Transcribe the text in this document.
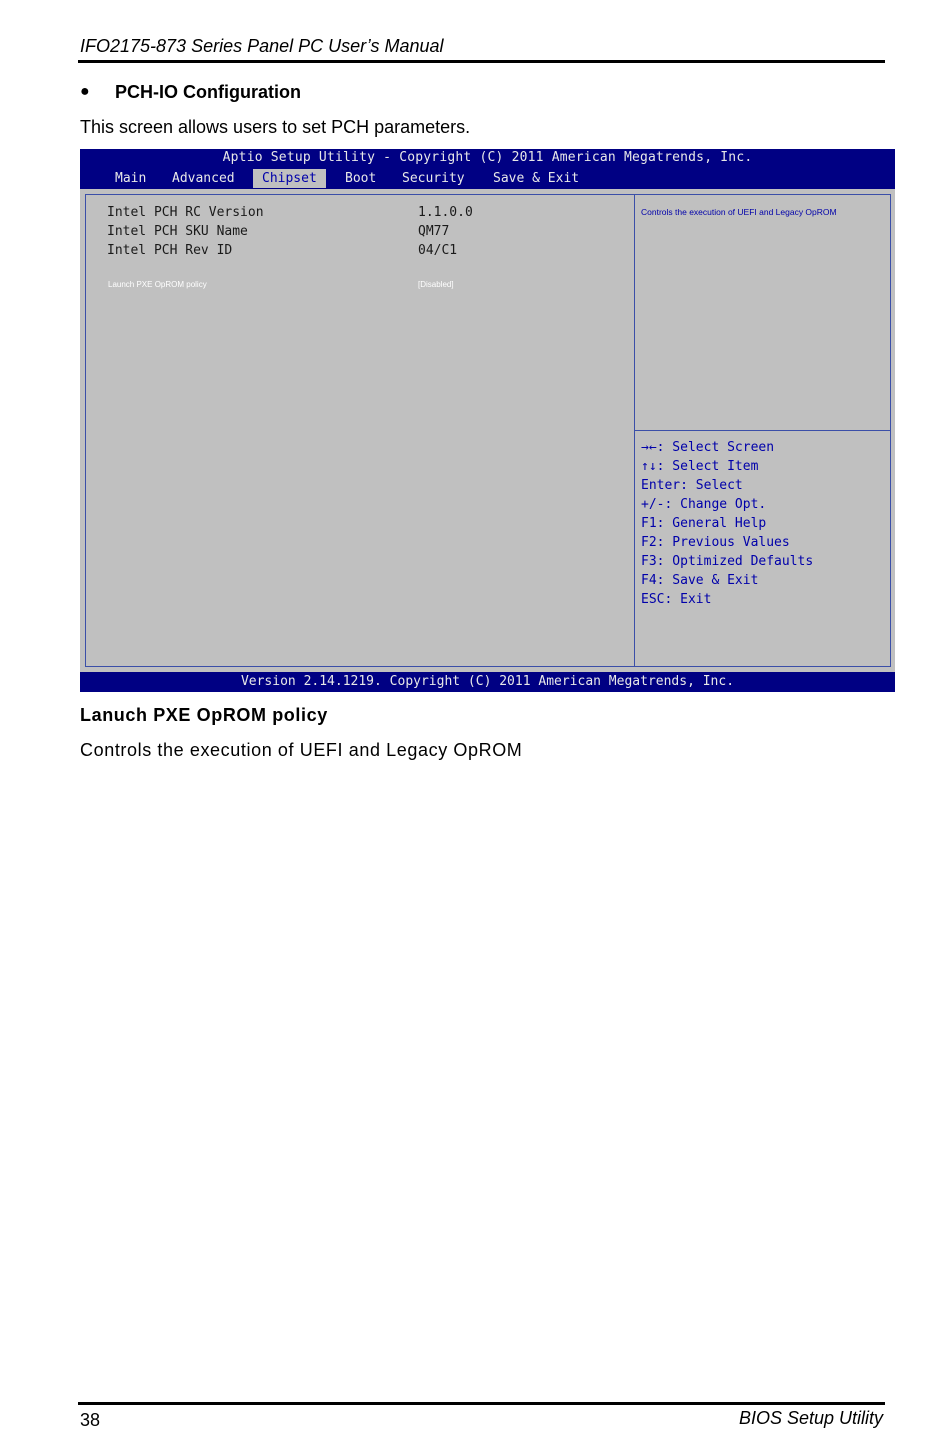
IFO2175-873 Series Panel PC User’s Manual
● PCH-IO Configuration
This screen allows users to set PCH parameters.
Aptio Setup Utility - Copyright (C) 2011 American Megatrends, Inc.
Main	Advanced	Chipset	Boot	Security	Save & Exit
Intel PCH RC Version	1.1.0.0
Intel PCH SKU Name	QM77
Intel PCH Rev ID	04/C1
Launch PXE OpROM policy	[Disabled]
Controls the execution of UEFI and Legacy OpROM
→←: Select Screen
↑↓: Select Item
Enter: Select
+/-: Change Opt.
F1: General Help
F2: Previous Values
F3: Optimized Defaults
F4: Save & Exit
ESC: Exit
Version 2.14.1219. Copyright (C) 2011 American Megatrends, Inc.
Lanuch PXE OpROM policy
Controls the execution of UEFI and Legacy OpROM
38	BIOS Setup Utility
